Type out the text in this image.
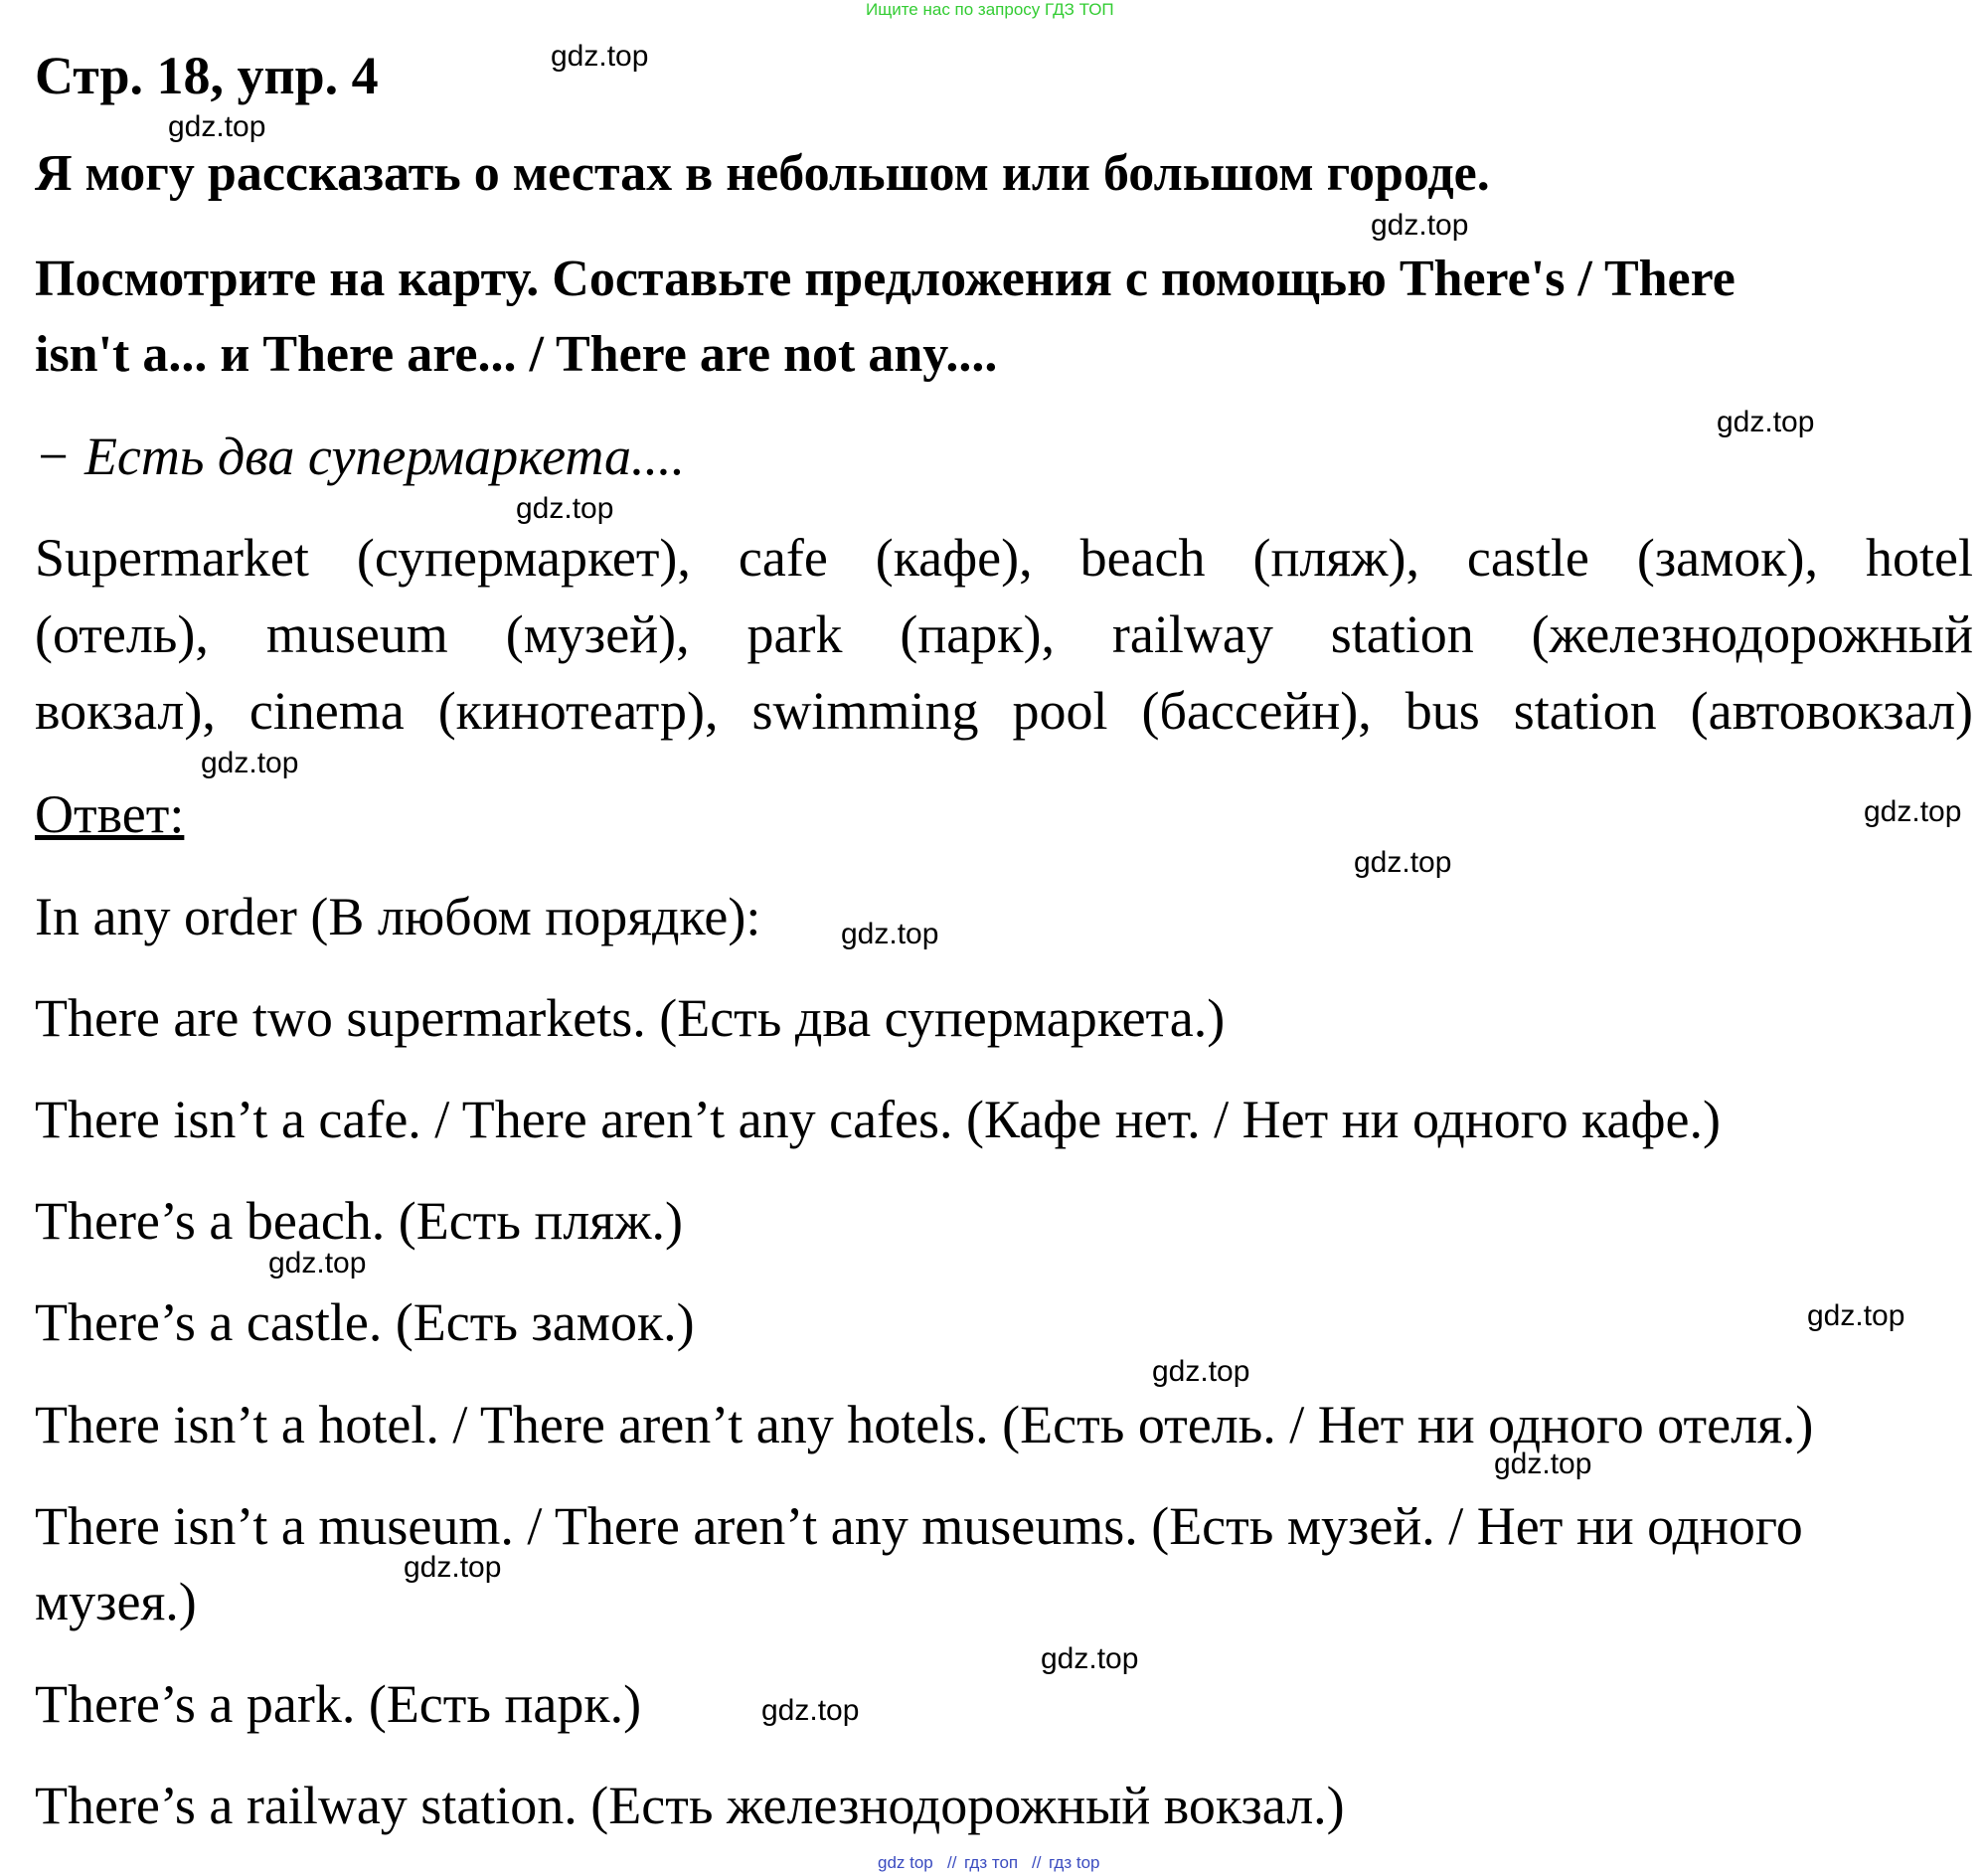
Ищите нас по запросу ГДЗ ТОП
Стр. 18, упр. 4
Я могу рассказать о местах в небольшом или большом городе.
Посмотрите на карту. Составьте предложения с помощью There's / There
isn't a... и There are... / There are not any....
− Есть два супермаркета....
Supermarket (супермаркет), cafe (кафе), beach (пляж), castle (замок), hotel
(отель), museum (музей), park (парк), railway station (железнодорожный
вокзал), cinema (кинотеатр), swimming pool (бассейн), bus station (автовокзал)
Ответ:
In any order (В любом порядке):
There are two supermarkets. (Есть два супермаркета.)
There isn’t a cafe. / There aren’t any cafes. (Кафе нет. / Нет ни одного кафе.)
There’s a beach. (Есть пляж.)
There’s a castle. (Есть замок.)
There isn’t a hotel. / There aren’t any hotels. (Есть отель. / Нет ни одного отеля.)
There isn’t a museum. / There aren’t any museums. (Есть музей. / Нет ни одного
музея.)
There’s a park. (Есть парк.)
There’s a railway station. (Есть железнодорожный вокзал.)
gdz.top
gdz.top
gdz.top
gdz.top
gdz.top
gdz.top
gdz.top
gdz.top
gdz.top
gdz.top
gdz.top
gdz.top
gdz.top
gdz.top
gdz.top
gdz.top
gdz top // гдз топ // гдз top
